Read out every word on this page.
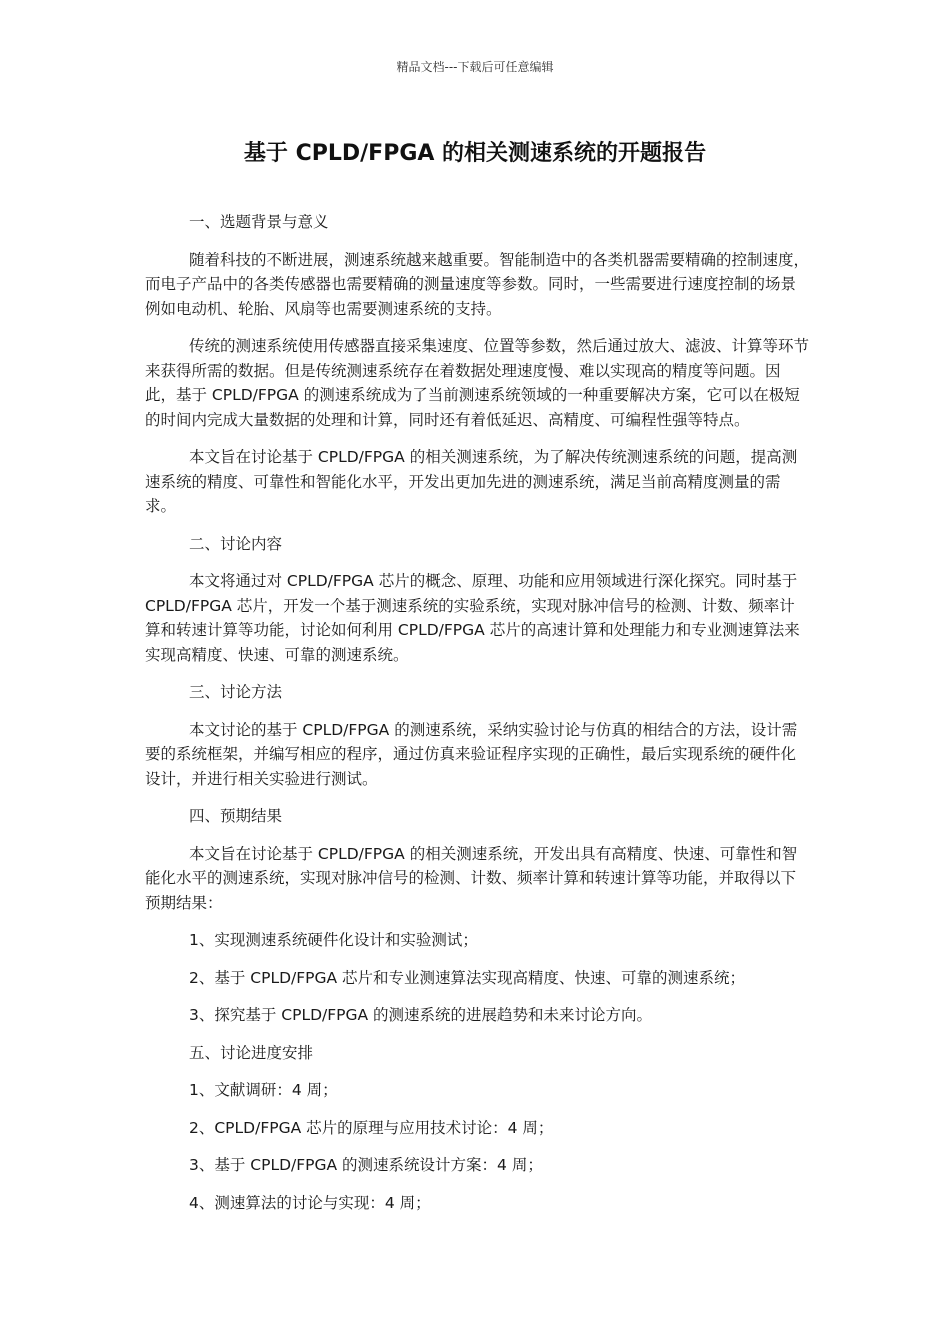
精品文档---下载后可任意编辑
基于 CPLD/FPGA 的相关测速系统的开题报告
一、选题背景与意义
随着科技的不断进展，测速系统越来越重要。智能制造中的各类机器需要精确的控制速度，而电子产品中的各类传感器也需要精确的测量速度等参数。同时，一些需要进行速度控制的场景例如电动机、轮胎、风扇等也需要测速系统的支持。
传统的测速系统使用传感器直接采集速度、位置等参数，然后通过放大、滤波、计算等环节来获得所需的数据。但是传统测速系统存在着数据处理速度慢、难以实现高的精度等问题。因此，基于 CPLD/FPGA 的测速系统成为了当前测速系统领域的一种重要解决方案，它可以在极短的时间内完成大量数据的处理和计算，同时还有着低延迟、高精度、可编程性强等特点。
本文旨在讨论基于 CPLD/FPGA 的相关测速系统，为了解决传统测速系统的问题，提高测速系统的精度、可靠性和智能化水平，开发出更加先进的测速系统，满足当前高精度测量的需求。
二、讨论内容
本文将通过对 CPLD/FPGA 芯片的概念、原理、功能和应用领域进行深化探究。同时基于 CPLD/FPGA 芯片，开发一个基于测速系统的实验系统，实现对脉冲信号的检测、计数、频率计算和转速计算等功能，讨论如何利用 CPLD/FPGA 芯片的高速计算和处理能力和专业测速算法来实现高精度、快速、可靠的测速系统。
三、讨论方法
本文讨论的基于 CPLD/FPGA 的测速系统，采纳实验讨论与仿真的相结合的方法，设计需要的系统框架，并编写相应的程序，通过仿真来验证程序实现的正确性，最后实现系统的硬件化设计，并进行相关实验进行测试。
四、预期结果
本文旨在讨论基于 CPLD/FPGA 的相关测速系统，开发出具有高精度、快速、可靠性和智能化水平的测速系统，实现对脉冲信号的检测、计数、频率计算和转速计算等功能，并取得以下预期结果：
1、实现测速系统硬件化设计和实验测试；
2、基于 CPLD/FPGA 芯片和专业测速算法实现高精度、快速、可靠的测速系统；
3、探究基于 CPLD/FPGA 的测速系统的进展趋势和未来讨论方向。
五、讨论进度安排
1、文献调研：4 周；
2、CPLD/FPGA 芯片的原理与应用技术讨论：4 周；
3、基于 CPLD/FPGA 的测速系统设计方案：4 周；
4、测速算法的讨论与实现：4 周；
